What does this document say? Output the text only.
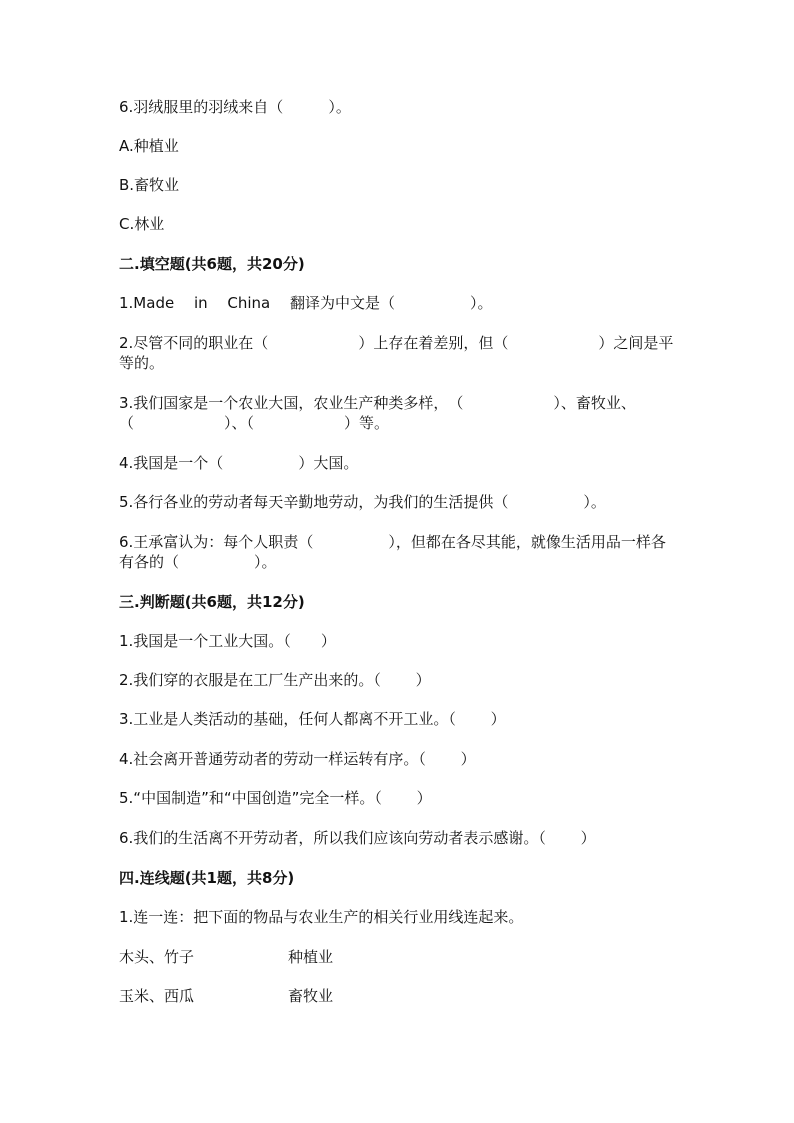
6.羽绒服里的羽绒来自（　　　）。
A.种植业
B.畜牧业
C.林业
二.填空题(共6题，共20分)
1.Made　 in　 China　 翻译为中文是（　　　　　）。
2.尽管不同的职业在（　　　　　　）上存在着差别，但（　　　　　　）之间是平等的。
3.我们国家是一个农业大国，农业生产种类多样，　（　　　　　　）、畜牧业、（　　　　　　）、（　　　　　　）等。
4.我国是一个（　　　　　）大国。
5.各行各业的劳动者每天辛勤地劳动，为我们的生活提供（　　　　　）。
6.王承富认为：每个人职责（　　　　　），但都在各尽其能，就像生活用品一样各有各的（　　　　　）。
三.判断题(共6题，共12分)
1.我国是一个工业大国。（　　）
2.我们穿的衣服是在工厂生产出来的。（　　 ）
3.工业是人类活动的基础，任何人都离不开工业。（　　 ）
4.社会离开普通劳动者的劳动一样运转有序。（　　 ）
5.“中国制造”和“中国创造”完全一样。（　　 ）
6.我们的生活离不开劳动者，所以我们应该向劳动者表示感谢。（　　 ）
四.连线题(共1题，共8分)
1.连一连：把下面的物品与农业生产的相关行业用线连起来。
木头、竹子	种植业
玉米、西瓜	畜牧业
